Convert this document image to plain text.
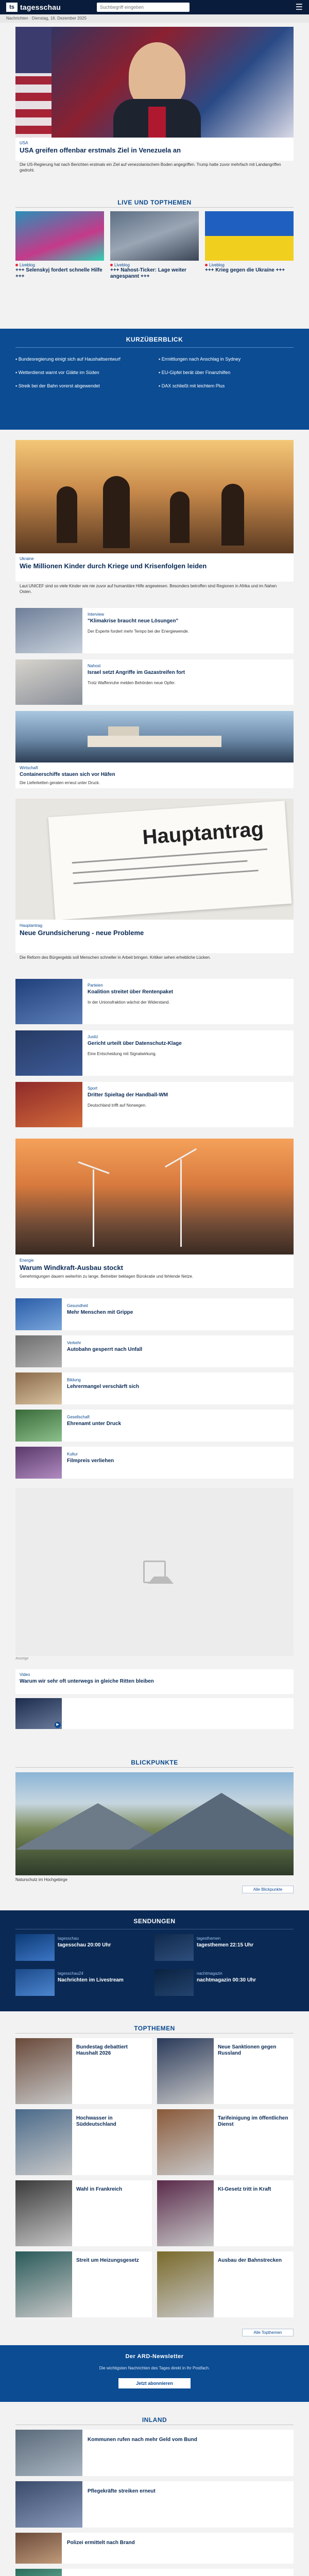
ts tagesschau	Suchbegriff eingeben	☰
Nachrichten · Dienstag, 16. Dezember 2025
USA
USA greifen offenbar erstmals Ziel in Venezuela an
Die US-Regierung hat nach Berichten erstmals ein Ziel auf venezolanischem Boden angegriffen. Trump hatte zuvor mehrfach mit Landangriffen gedroht.
LIVE UND TOPTHEMEN
Liveblog
+++ Selenskyj fordert schnelle Hilfe +++
Liveblog
+++ Nahost-Ticker: Lage weiter angespannt +++
Liveblog
+++ Krieg gegen die Ukraine +++
KURZÜBERBLICK
▪ Bundesregierung einigt sich auf Haushaltsentwurf
▪ Wetterdienst warnt vor Glätte im Süden
▪ Streik bei der Bahn vorerst abgewendet
▪ Ermittlungen nach Anschlag in Sydney
▪ EU-Gipfel berät über Finanzhilfen
▪ DAX schließt mit leichtem Plus
Ukraine
Wie Millionen Kinder durch Kriege und Krisenfolgen leiden
Laut UNICEF sind so viele Kinder wie nie zuvor auf humanitäre Hilfe angewiesen. Besonders betroffen sind Regionen in Afrika und im Nahen Osten.
Interview
"Klimakrise braucht neue Lösungen"
Der Experte fordert mehr Tempo bei der Energiewende.
Nahost
Israel setzt Angriffe im Gazastreifen fort
Trotz Waffenruhe melden Behörden neue Opfer.
Wirtschaft
Containerschiffe stauen sich vor Häfen
Die Lieferketten geraten erneut unter Druck.
Hauptantrag
Hauptantrag
Neue Grundsicherung - neue Probleme
Die Reform des Bürgergelds soll Menschen schneller in Arbeit bringen. Kritiker sehen erhebliche Lücken.
Parteien
Koalition streitet über Rentenpaket
In der Unionsfraktion wächst der Widerstand.
Justiz
Gericht urteilt über Datenschutz-Klage
Eine Entscheidung mit Signalwirkung.
Sport
Dritter Spieltag der Handball-WM
Deutschland trifft auf Norwegen.
Energie
Warum Windkraft-Ausbau stockt
Genehmigungen dauern weiterhin zu lange. Betreiber beklagen Bürokratie und fehlende Netze.
Gesundheit
Mehr Menschen mit Grippe
Verkehr
Autobahn gesperrt nach Unfall
Bildung
Lehrermangel verschärft sich
Gesellschaft
Ehrenamt unter Druck
Kultur
Filmpreis verliehen
Anzeige
Video
Warum wir sehr oft unterwegs in gleiche Ritten bleiben
▶
BLICKPUNKTE
Naturschutz im Hochgebirge
Alle Blickpunkte
SENDUNGEN
tagesschau
tagesschau 20:00 Uhr
tagesthemen
tagesthemen 22:15 Uhr
tagesschau24
Nachrichten im Livestream
nachtmagazin
nachtmagazin 00:30 Uhr
TOPTHEMEN
Bundestag debattiert Haushalt 2026
Neue Sanktionen gegen Russland
Hochwasser in Süddeutschland
Tarifeinigung im öffentlichen Dienst
Wahl in Frankreich	KI-Gesetz tritt in Kraft
Streit um Heizungsgesetz	Ausbau der Bahnstrecken
Alle Topthemen
Der ARD-Newsletter
Die wichtigsten Nachrichten des Tages direkt in Ihr Postfach.
Jetzt abonnieren
INLAND
Kommunen rufen nach mehr Geld vom Bund
Pflegekräfte streiken erneut
Polizei ermittelt nach Brand
